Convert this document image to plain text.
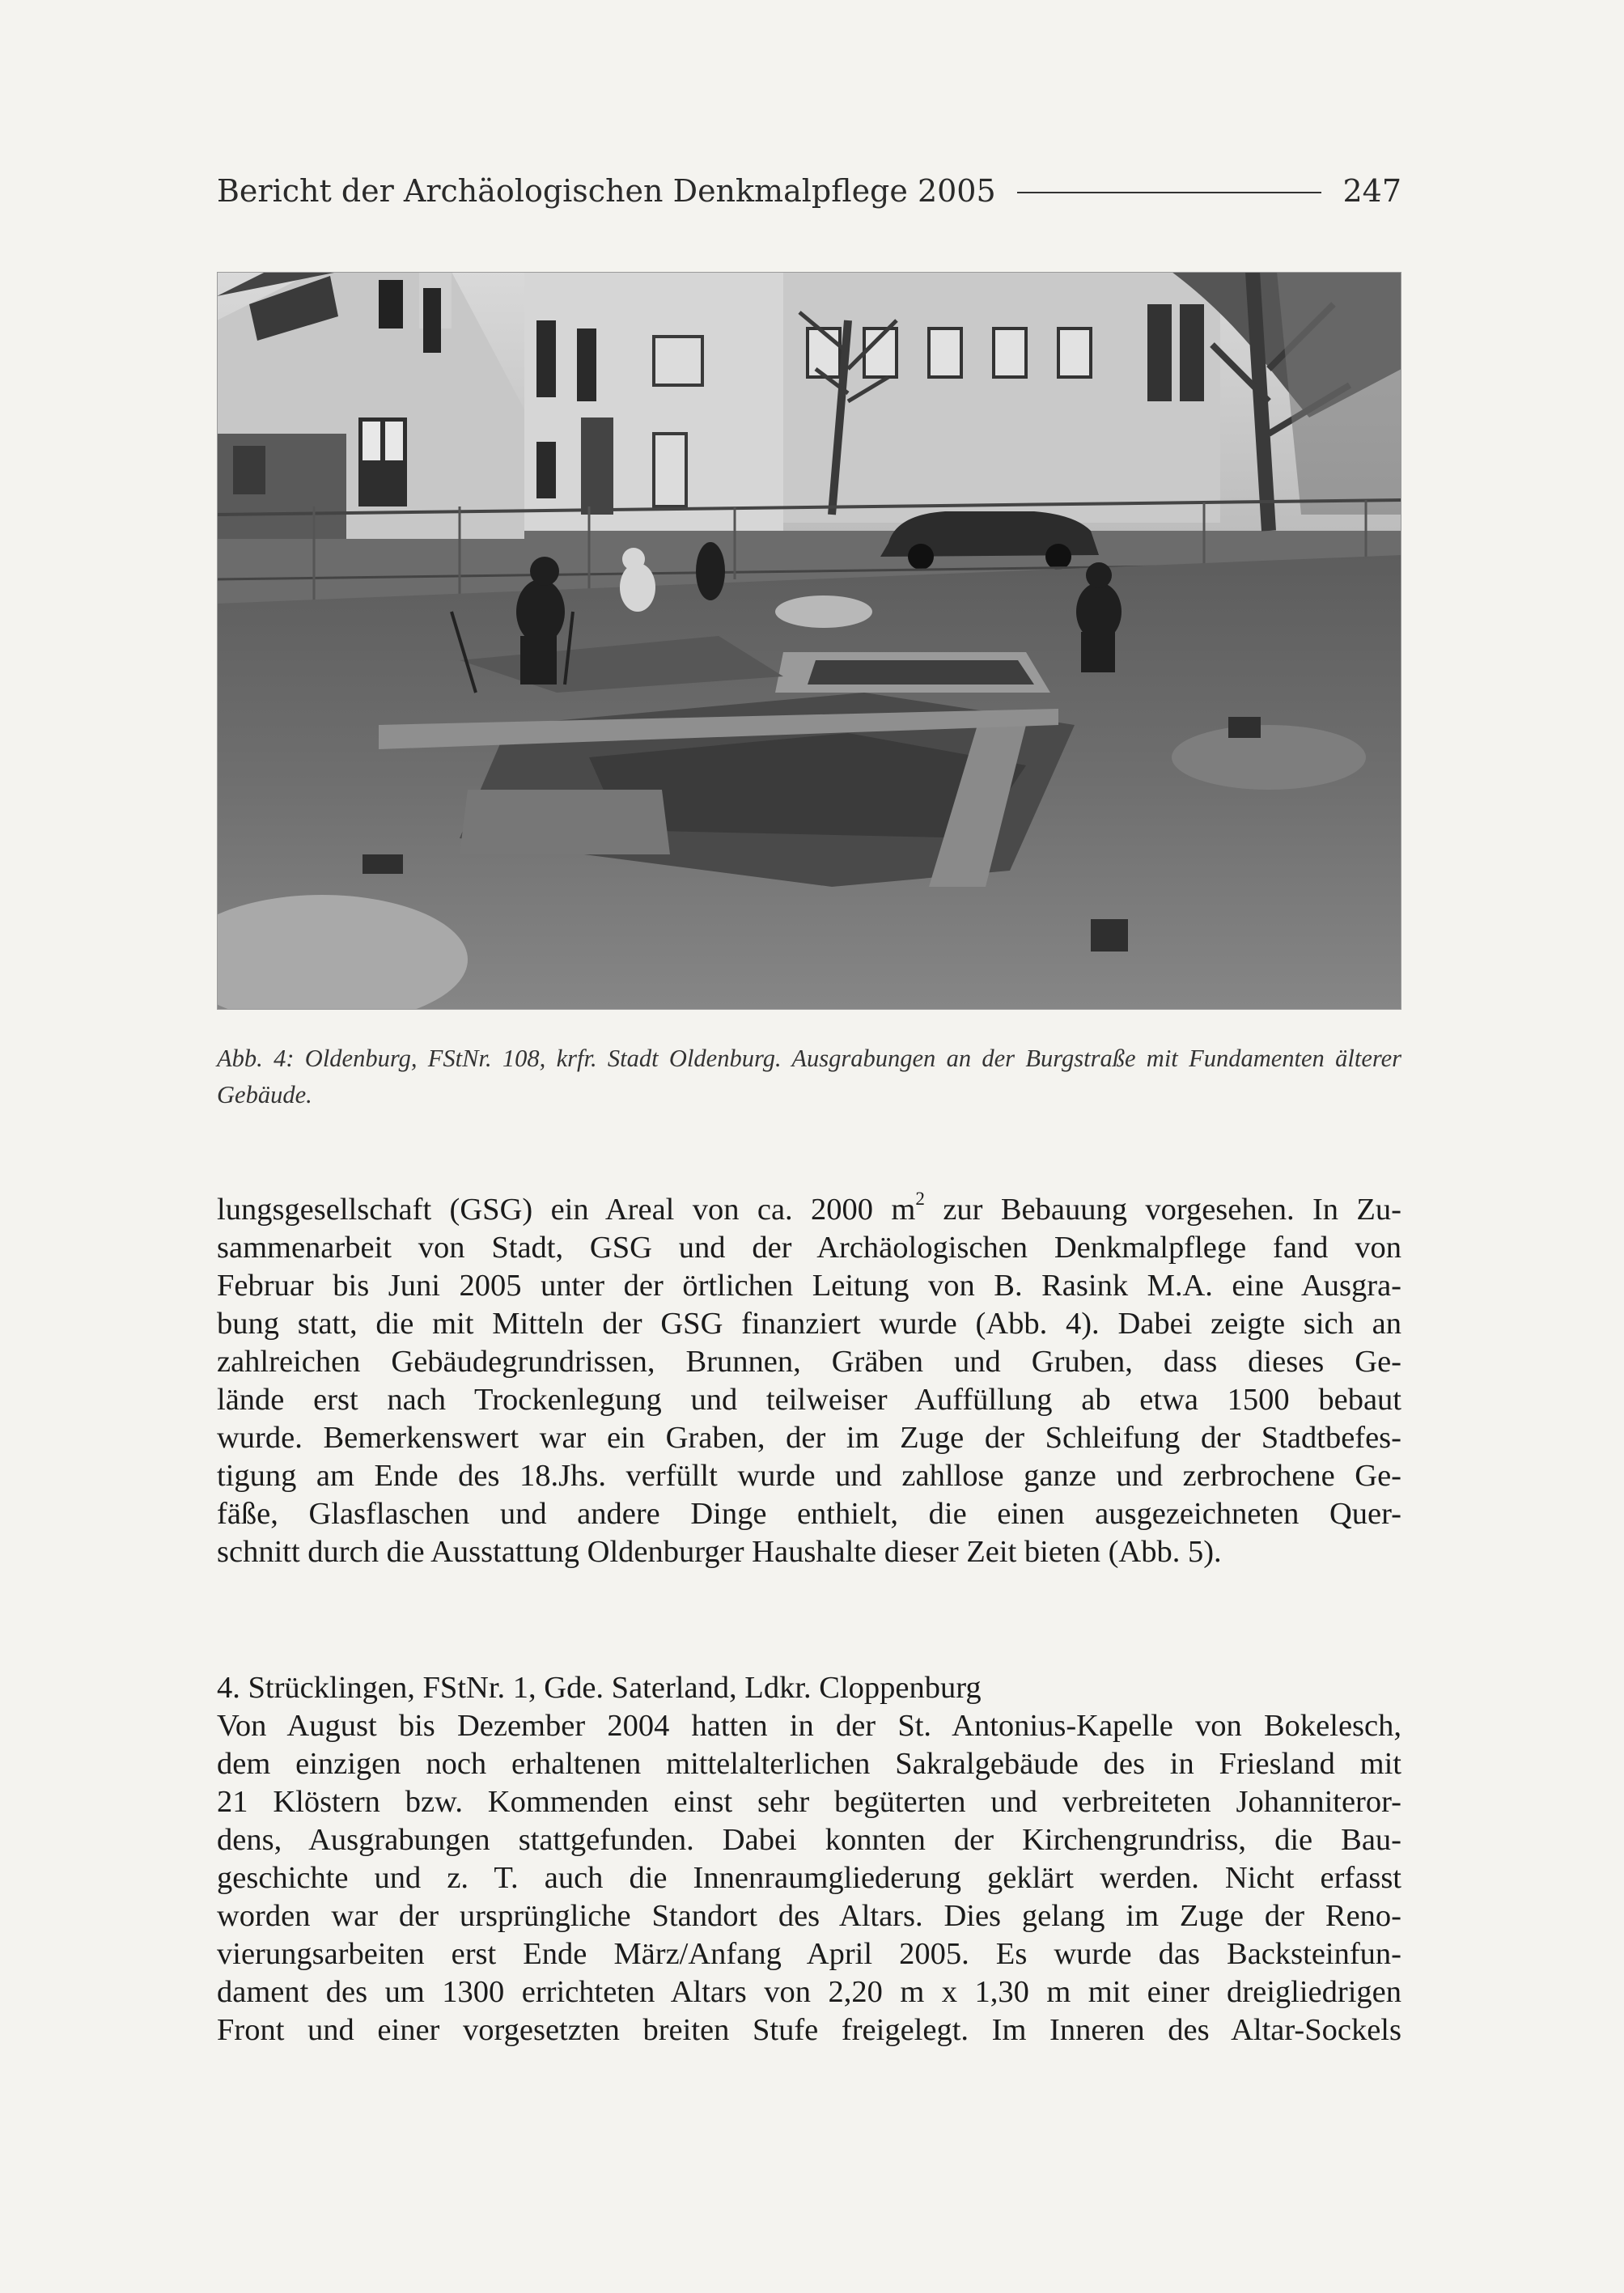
Bericht der Archäologischen Denkmalpflege 2005	247
Abb. 4: Oldenburg, FStNr. 108, krfr. Stadt Oldenburg. Ausgrabungen an der Burgstraße mit Fundamenten älterer Gebäude.
lungsgesellschaft (GSG) ein Areal von ca. 2000 $m^2$ zur Bebauung vorgesehen. In Zu-
sammenarbeit von Stadt, GSG und der Archäologischen Denkmalpflege fand von
Februar bis Juni 2005 unter der örtlichen Leitung von B. Rasink M.A. eine Ausgra-
bung statt, die mit Mitteln der GSG finanziert wurde (Abb. 4). Dabei zeigte sich an
zahlreichen Gebäudegrundrissen, Brunnen, Gräben und Gruben, dass dieses Ge-
lände erst nach Trockenlegung und teilweiser Auffüllung ab etwa 1500 bebaut
wurde. Bemerkenswert war ein Graben, der im Zuge der Schleifung der Stadtbefes-
tigung am Ende des 18.Jhs. verfüllt wurde und zahllose ganze und zerbrochene Ge-
fäße, Glasflaschen und andere Dinge enthielt, die einen ausgezeichneten Quer-
schnitt durch die Ausstattung Oldenburger Haushalte dieser Zeit bieten (Abb. 5).
4. Strücklingen, FStNr. 1, Gde. Saterland, Ldkr. Cloppenburg
Von August bis Dezember 2004 hatten in der St. Antonius-Kapelle von Bokelesch,
dem einzigen noch erhaltenen mittelalterlichen Sakralgebäude des in Friesland mit
21 Klöstern bzw. Kommenden einst sehr begüterten und verbreiteten Johanniteror-
dens, Ausgrabungen stattgefunden. Dabei konnten der Kirchengrundriss, die Bau-
geschichte und z. T. auch die Innenraumgliederung geklärt werden. Nicht erfasst
worden war der ursprüngliche Standort des Altars. Dies gelang im Zuge der Reno-
vierungsarbeiten erst Ende März/Anfang April 2005. Es wurde das Backsteinfun-
dament des um 1300 errichteten Altars von 2,20 m x 1,30 m mit einer dreigliedrigen
Front und einer vorgesetzten breiten Stufe freigelegt. Im Inneren des Altar-Sockels
